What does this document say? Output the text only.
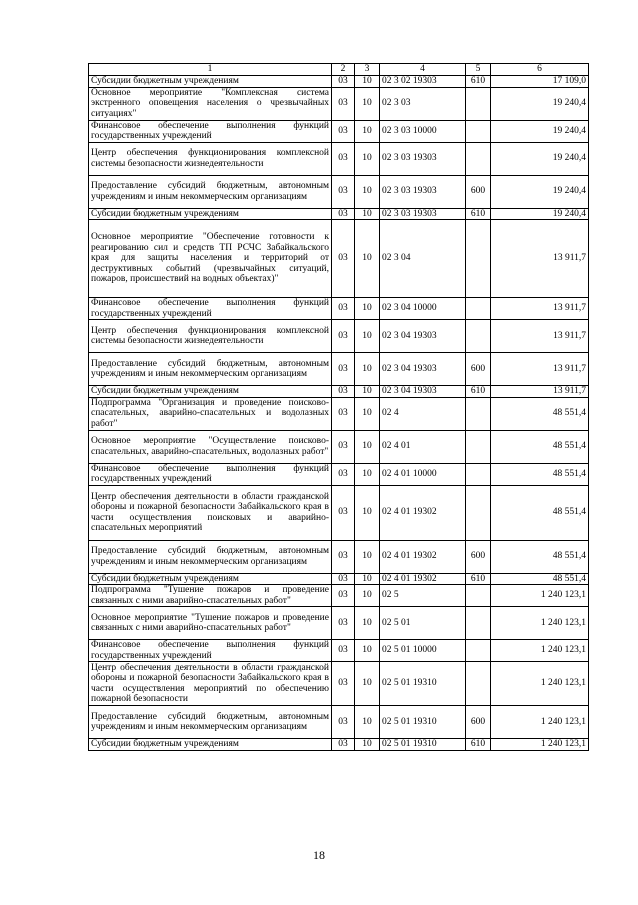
1	2	3	4	5	6
Субсидии бюджетным учреждениям	03	10	02 3 02 19303	610	17 109,0
Основное мероприятие "Комплексная система экстренного оповещения населения о чрезвычайных ситуациях"	03	10	02 3 03		19 240,4
Финансовое обеспечение выполнения функций государственных учреждений	03	10	02 3 03 10000		19 240,4
Центр обеспечения функционирования комплексной системы безопасности жизнедеятельности	03	10	02 3 03 19303		19 240,4
Предоставление субсидий бюджетным, автономным учреждениям и иным некоммерческим организациям	03	10	02 3 03 19303	600	19 240,4
Субсидии бюджетным учреждениям	03	10	02 3 03 19303	610	19 240,4
Основное мероприятие "Обеспечение готовности к реагированию сил и средств ТП РСЧС Забайкальского края для защиты населения и территорий от деструктивных событий (чрезвычайных ситуаций, пожаров, происшествий на водных объектах)"	03	10	02 3 04		13 911,7
Финансовое обеспечение выполнения функций государственных учреждений	03	10	02 3 04 10000		13 911,7
Центр обеспечения функционирования комплексной системы безопасности жизнедеятельности	03	10	02 3 04 19303		13 911,7
Предоставление субсидий бюджетным, автономным учреждениям и иным некоммерческим организациям	03	10	02 3 04 19303	600	13 911,7
Субсидии бюджетным учреждениям	03	10	02 3 04 19303	610	13 911,7
Подпрограмма "Организация и проведение поисково-спасательных, аварийно-спасательных и водолазных работ"	03	10	02 4		48 551,4
Основное мероприятие "Осуществление поисково-спасательных, аварийно-спасательных, водолазных работ"	03	10	02 4 01		48 551,4
Финансовое обеспечение выполнения функций государственных учреждений	03	10	02 4 01 10000		48 551,4
Центр обеспечения деятельности в области гражданской обороны и пожарной безопасности Забайкальского края в части осуществления поисковых и аварийно-спасательных мероприятий	03	10	02 4 01 19302		48 551,4
Предоставление субсидий бюджетным, автономным учреждениям и иным некоммерческим организациям	03	10	02 4 01 19302	600	48 551,4
Субсидии бюджетным учреждениям	03	10	02 4 01 19302	610	48 551,4
Подпрограмма "Тушение пожаров и проведение связанных с ними аварийно-спасательных работ"	03	10	02 5		1 240 123,1
Основное мероприятие "Тушение пожаров и проведение связанных с ними аварийно-спасательных работ"	03	10	02 5 01		1 240 123,1
Финансовое обеспечение выполнения функций государственных учреждений	03	10	02 5 01 10000		1 240 123,1
Центр обеспечения деятельности в области гражданской обороны и пожарной безопасности Забайкальского края в части осуществления мероприятий по обеспечению пожарной безопасности	03	10	02 5 01 19310		1 240 123,1
Предоставление субсидий бюджетным, автономным учреждениям и иным некоммерческим организациям	03	10	02 5 01 19310	600	1 240 123,1
Субсидии бюджетным учреждениям	03	10	02 5 01 19310	610	1 240 123,1
18
